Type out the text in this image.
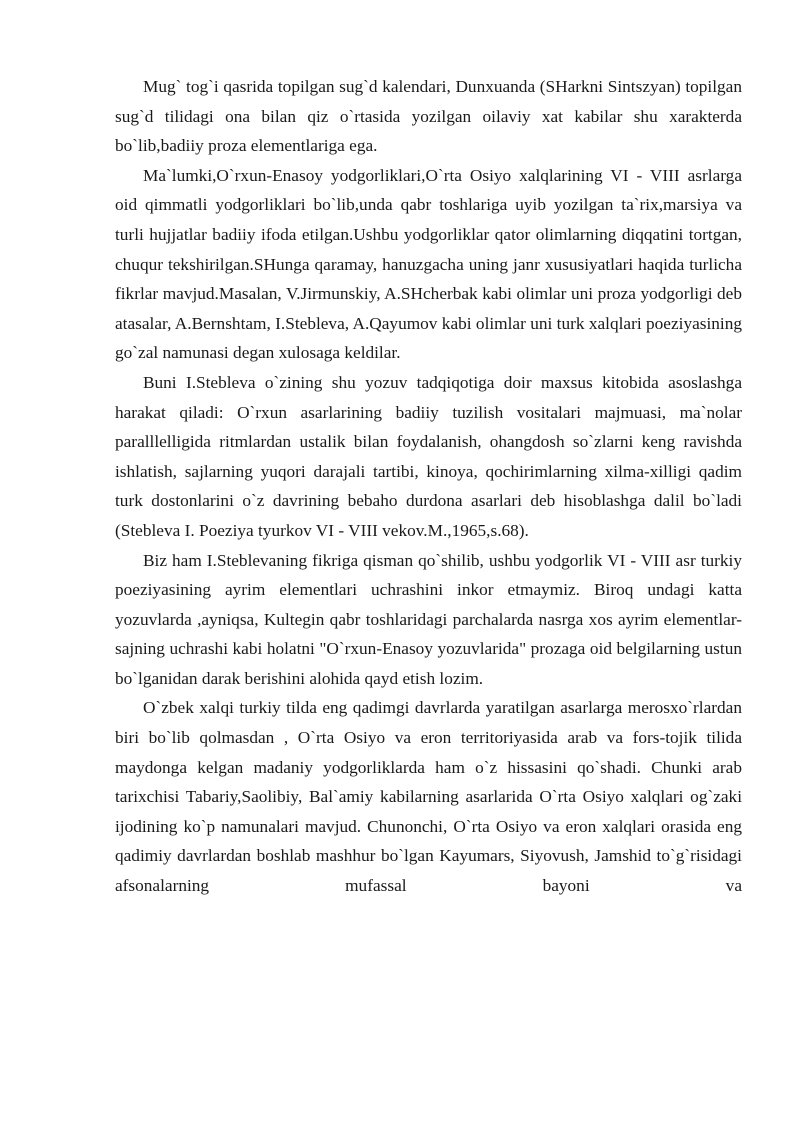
Mug` tog`i qasrida topilgan sug`d kalendari, Dunxuanda (SHarkni Sintszyan) topilgan sug`d tilidagi ona bilan qiz o`rtasida yozilgan oilaviy xat kabilar shu xarakterda bo`lib,badiiy proza elementlariga ega.

Ma`lumki,O`rxun-Enasoy yodgorliklari,O`rta Osiyo xalqlarining VI - VIII asrlarga oid qimmatli yodgorliklari bo`lib,unda qabr toshlariga uyib yozilgan ta`rix,marsiya va turli hujjatlar badiiy ifoda etilgan.Ushbu yodgorliklar qator olimlarning diqqatini tortgan, chuqur tekshirilgan.SHunga qaramay, hanuzgacha uning janr xususiyatlari haqida turlicha fikrlar mavjud.Masalan, V.Jirmunskiy, A.SHcherbak kabi olimlar uni proza yodgorligi deb atasalar, A.Bernshtam, I.Stebleva, A.Qayumov kabi olimlar uni turk xalqlari poeziyasining go`zal namunasi degan xulosaga keldilar.

Buni I.Stebleva o`zining shu yozuv tadqiqotiga doir maxsus kitobida asoslashga harakat qiladi: O`rxun asarlarining badiiy tuzilish vositalari majmuasi, ma`nolar paralllelligida ritmlardan ustalik bilan foydalanish, ohangdosh so`zlarni keng ravishda ishlatish, sajlarning yuqori darajali tartibi, kinoya, qochirimlarning xilma-xilligi qadim turk dostonlarini o`z davrining bebaho durdona asarlari deb hisoblashga dalil bo`ladi (Stebleva I. Poeziya tyurkov VI - VIII vekov.M.,1965,s.68).

Biz ham I.Steblevaning fikriga qisman qo`shilib, ushbu yodgorlik VI - VIII asr turkiy poeziyasining ayrim elementlari uchrashini inkor etmaymiz. Biroq undagi katta yozuvlarda ,ayniqsa, Kultegin qabr toshlaridagi parchalarda nasrga xos ayrim elementlar-sajning uchrashi kabi holatni "O`rxun-Enasoy yozuvlarida" prozaga oid belgilarning ustun bo`lganidan darak berishini alohida qayd etish lozim.

O`zbek xalqi turkiy tilda eng qadimgi davrlarda yaratilgan asarlarga merosxo`rlardan biri bo`lib qolmasdan , O`rta Osiyo va eron territoriyasida arab va fors-tojik tilida maydonga kelgan madaniy yodgorliklarda ham o`z hissasini qo`shadi. Chunki arab tarixchisi Tabariy,Saolibiy, Bal`amiy kabilarning asarlarida O`rta Osiyo xalqlari og`zaki ijodining ko`p namunalari mavjud. Chunonchi, O`rta Osiyo va eron xalqlari orasida eng qadimiy davrlardan boshlab mashhur bo`lgan Kayumars, Siyovush, Jamshid to`g`risidagi afsonalarning mufassal bayoni va
